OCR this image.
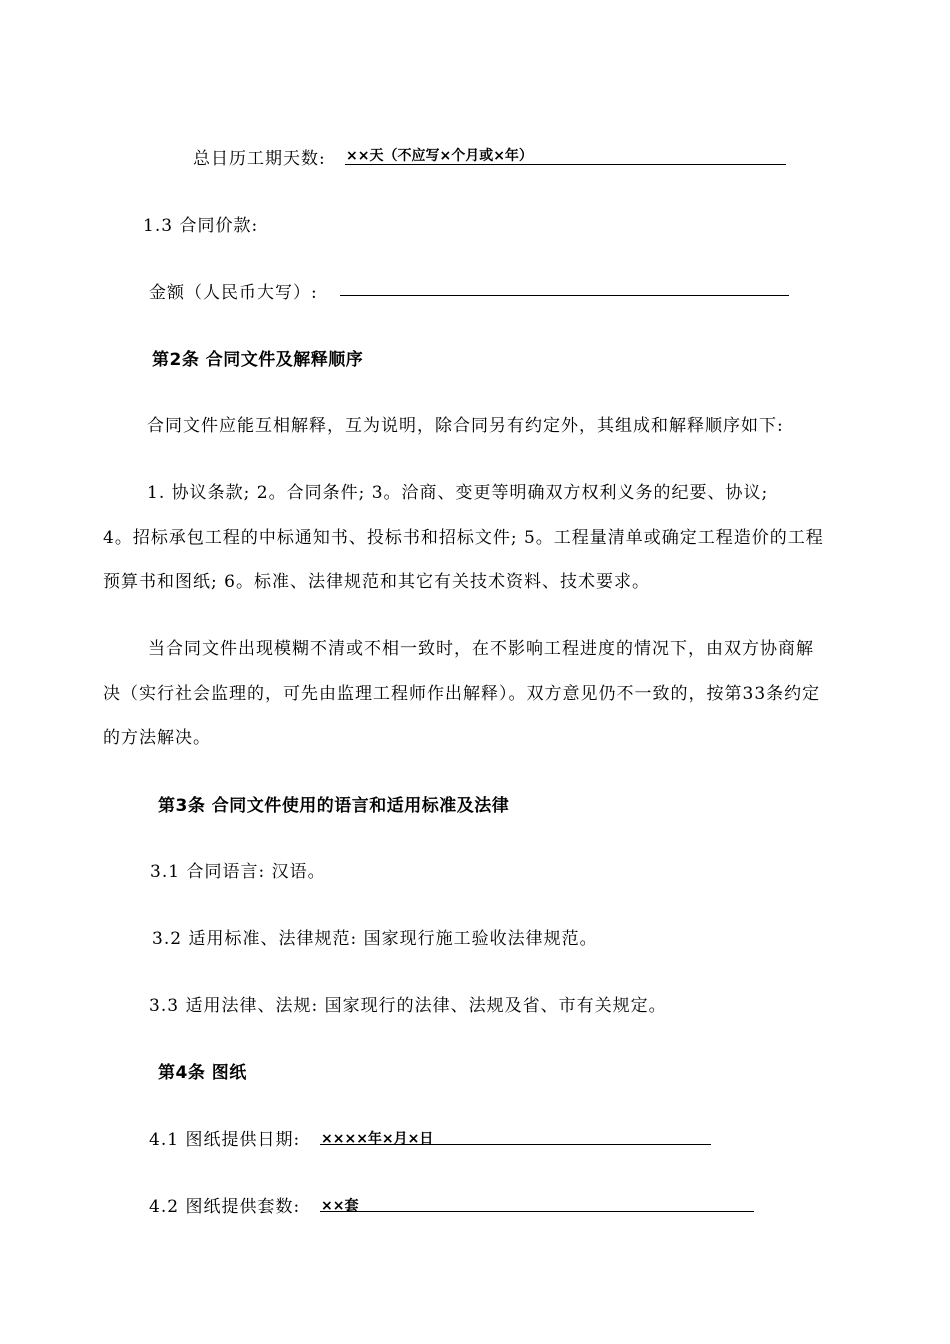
总日历工期天数: ××天（不应写×个月或×年）
1.3 合同价款:
金额（人民币大写）:
第2条 合同文件及解释顺序
合同文件应能互相解释，互为说明，除合同另有约定外，其组成和解释顺序如下:
1. 协议条款; 2。合同条件; 3。洽商、变更等明确双方权利义务的纪要、协议;
4。招标承包工程的中标通知书、投标书和招标文件; 5。工程量清单或确定工程造价的工程
预算书和图纸; 6。标准、法律规范和其它有关技术资料、技术要求。
当合同文件出现模糊不清或不相一致时，在不影响工程进度的情况下，由双方协商解
决（实行社会监理的，可先由监理工程师作出解释）。双方意见仍不一致的，按第33条约定
的方法解决。
第3条 合同文件使用的语言和适用标准及法律
3.1 合同语言: 汉语。
3.2 适用标准、法律规范: 国家现行施工验收法律规范。
3.3 适用法律、法规: 国家现行的法律、法规及省、市有关规定。
第4条 图纸
4.1 图纸提供日期: ××××年×月×日
4.2 图纸提供套数: ××套
